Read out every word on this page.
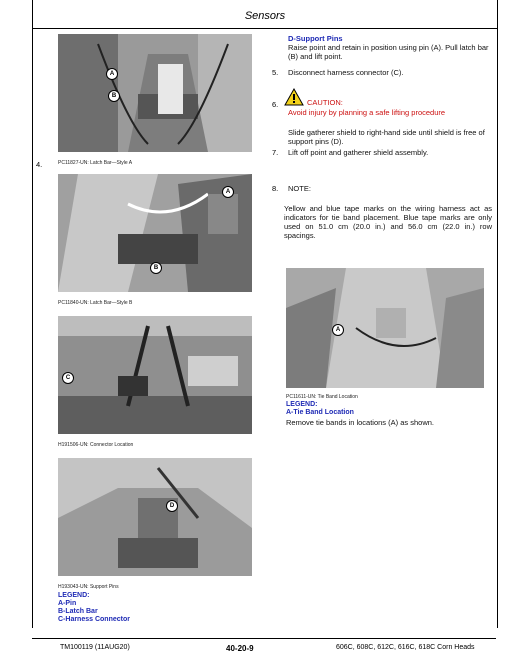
Sensors
4.
A
B
PC11827-UN: Latch Bar—Style A
A
B
PC11840-UN: Latch Bar—Style B
C
H191506-UN: Connector Location
D
H193043-UN: Support Pins
LEGEND:
A-Pin
B-Latch Bar
C-Harness Connector
D-Support Pins
Raise point and retain in position using pin (A). Pull latch bar (B) and lift point.
5. Disconnect harness connector (C).
6.	CAUTION:
Avoid injury by planning a safe lifting procedure
Slide gatherer shield to right-hand side until shield is free of support pins (D).
7. Lift off point and gatherer shield assembly.
8. NOTE:
Yellow and blue tape marks on the wiring harness act as indicators for tie band placement. Blue tape marks are only used on 51.0 cm (20.0 in.) and 56.0 cm (22.0 in.) row spacings.
A
PC11611-UN: Tie Band Location
LEGEND:
A-Tie Band Location
Remove tie bands in locations (A) as shown.
TM100119 (11AUG20)	40-20-9	606C, 608C, 612C, 616C, 618C Corn Heads
